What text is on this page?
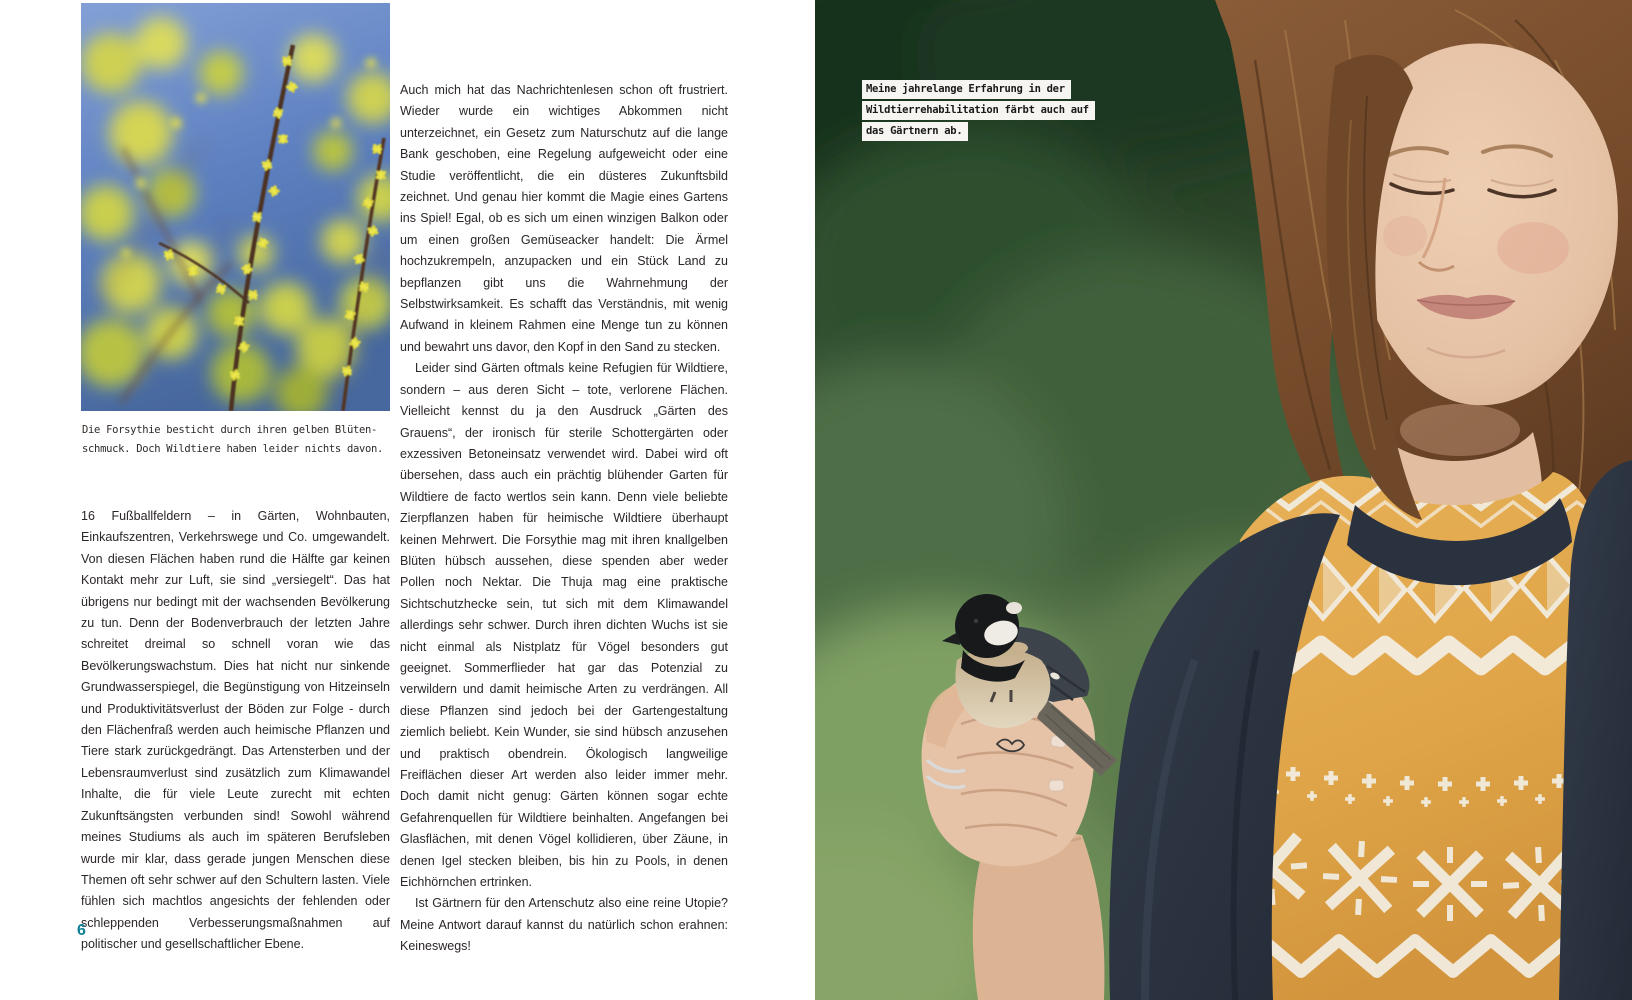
Die Forsythie besticht durch ihren gelben Blüten-
schmuck. Doch Wildtiere haben leider nichts davon.

16 Fußballfeldern – in Gärten, Wohnbauten, Einkaufszentren, Verkehrswege und Co. umgewandelt. Von diesen Flächen haben rund die Hälfte gar keinen Kontakt mehr zur Luft, sie sind „versiegelt“. Das hat übrigens nur bedingt mit der wachsenden Bevölkerung zu tun. Denn der Bodenverbrauch der letzten Jahre schreitet dreimal so schnell voran wie das Bevölkerungswachstum. Dies hat nicht nur sinkende Grundwasserspiegel, die Begünstigung von Hitzeinseln und Produktivitätsverlust der Böden zur Folge - durch den Flächenfraß werden auch heimische Pflanzen und Tiere stark zurückgedrängt. Das Artensterben und der Lebensraumverlust sind zusätzlich zum Klimawandel Inhalte, die für viele Leute zurecht mit echten Zukunftsängsten verbunden sind! Sowohl während meines Studiums als auch im späteren Berufsleben wurde mir klar, dass gerade jungen Menschen diese Themen oft sehr schwer auf den Schultern lasten. Viele fühlen sich machtlos angesichts der fehlenden oder schleppenden Verbesserungsmaßnahmen auf politischer und gesellschaftlicher Ebene.

6

Auch mich hat das Nachrichtenlesen schon oft frustriert. Wieder wurde ein wichtiges Abkommen nicht unterzeichnet, ein Gesetz zum Naturschutz auf die lange Bank geschoben, eine Regelung aufgeweicht oder eine Studie veröffentlicht, die ein düsteres Zukunftsbild zeichnet. Und genau hier kommt die Magie eines Gartens ins Spiel! Egal, ob es sich um einen winzigen Balkon oder um einen großen Gemüseacker handelt: Die Ärmel hochzukrempeln, anzupacken und ein Stück Land zu bepflanzen gibt uns die Wahrnehmung der Selbstwirksamkeit. Es schafft das Verständnis, mit wenig Aufwand in kleinem Rahmen eine Menge tun zu können und bewahrt uns davor, den Kopf in den Sand zu stecken.

Leider sind Gärten oftmals keine Refugien für Wildtiere, sondern – aus deren Sicht – tote, verlorene Flächen. Vielleicht kennst du ja den Ausdruck „Gärten des Grauens“, der ironisch für sterile Schottergärten oder exzessiven Betoneinsatz verwendet wird. Dabei wird oft übersehen, dass auch ein prächtig blühender Garten für Wildtiere de facto wertlos sein kann. Denn viele beliebte Zierpflanzen haben für heimische Wildtiere überhaupt keinen Mehrwert. Die Forsythie mag mit ihren knallgelben Blüten hübsch aussehen, diese spenden aber weder Pollen noch Nektar. Die Thuja mag eine praktische Sichtschutzhecke sein, tut sich mit dem Klimawandel allerdings sehr schwer. Durch ihren dichten Wuchs ist sie nicht einmal als Nistplatz für Vögel besonders gut geeignet. Sommerflieder hat gar das Potenzial zu verwildern und damit heimische Arten zu verdrängen. All diese Pflanzen sind jedoch bei der Gartengestaltung ziemlich beliebt. Kein Wunder, sie sind hübsch anzusehen und praktisch obendrein. Ökologisch langweilige Freiflächen dieser Art werden also leider immer mehr. Doch damit nicht genug: Gärten können sogar echte Gefahrenquellen für Wildtiere beinhalten. Angefangen bei Glasflächen, mit denen Vögel kollidieren, über Zäune, in denen Igel stecken bleiben, bis hin zu Pools, in denen Eichhörnchen ertrinken.

Ist Gärtnern für den Artenschutz also eine reine Utopie? Meine Antwort darauf kannst du natürlich schon erahnen: Keineswegs!

Meine jahrelange Erfahrung in der
Wildtierrehabilitation färbt auch auf
das Gärtnern ab.
